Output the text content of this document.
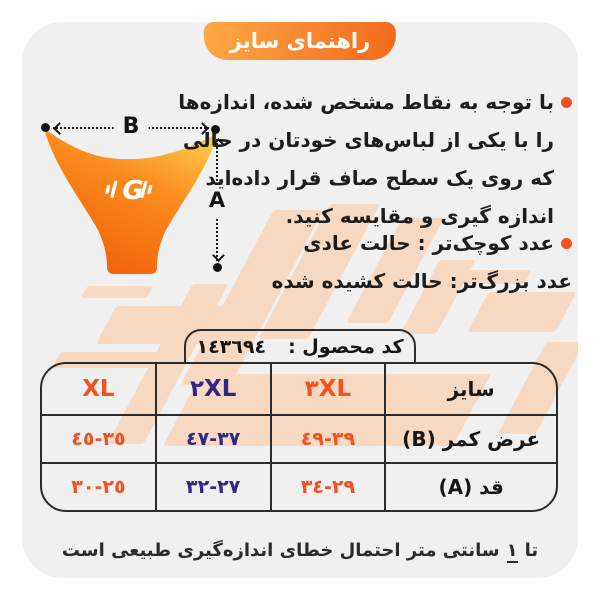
راهنمای سایز
G
B
A
با توجه به نقاط مشخص شده، اندازه‌ها
را با یکی از لباس‌های خودتان در حالی
که روی یک سطح صاف قرار داده‌اید
اندازه گیری و مقایسه کنید.
عدد کوچک‌تر : حالت عادی
عدد بزرگ‌تر: حالت کشیده شده
کد محصول :
١٤٣٦٩٤
سایز	٣XL	٢XL	XL
عرض کمر (B)	٣٩-٤٩	٣٧-٤٧	٣٥-٤٥
قد (A)	٢٩-٣٤	٢٧-٣٢	٢٥-٣٠
تا
١
سانتی متر احتمال خطای اندازه‌گیری طبیعی است
